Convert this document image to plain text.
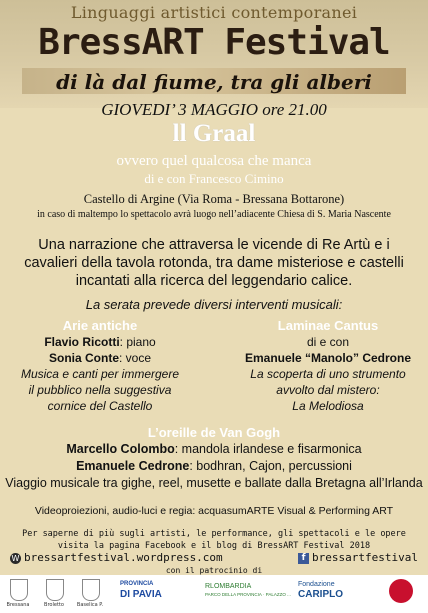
Linguaggi artistici contemporanei
BressART Festival
di là dal fiume, tra gli alberi
GIOVEDI’ 3 MAGGIO ore 21.00
ll Graal
ovvero quel qualcosa che manca
di e con Francesco Cimino
Castello di Argine (Via Roma - Bressana Bottarone)
in caso di maltempo lo spettacolo avrà luogo nell’adiacente Chiesa di S. Maria Nascente
Una narrazione che attraversa le vicende di Re Artù e i cavalieri della tavola rotonda, tra dame misteriose e castelli incantati alla ricerca del leggendario calice.
La serata prevede diversi interventi musicali:
Arie antiche
Flavio Ricotti: piano
Sonia Conte: voce
Musica e canti per immergere
il pubblico nella suggestiva
cornice del Castello
Laminae Cantus
di e con
Emanuele “Manolo” Cedrone
La scoperta di uno strumento
avvolto dal mistero:
La Melodiosa
L’oreille de Van Gogh
Marcello Colombo: mandola irlandese e fisarmonica
Emanuele Cedrone: bodhran, Cajon, percussioni
Viaggio musicale tra gighe, reel, musette e ballate dalla Bretagna all’Irlanda
Videoproiezioni, audio-luci e regia: acquasumARTE Visual & Performing ART
Per saperne di più sugli artisti, le performance, gli spettacoli e le opere
visita la pagina Facebook e il blog di BressART Festival 2018
W bressartfestival.wordpress.com	f bressartfestival
con il patrocinio di
Bressana	Broletto	Baselica P.
PROVINCIA
DI PAVIA
RLOMBARDIA
PARCO DELLA PROVINCIA · PALAZZO ...
Fondazione
CARIPLO
